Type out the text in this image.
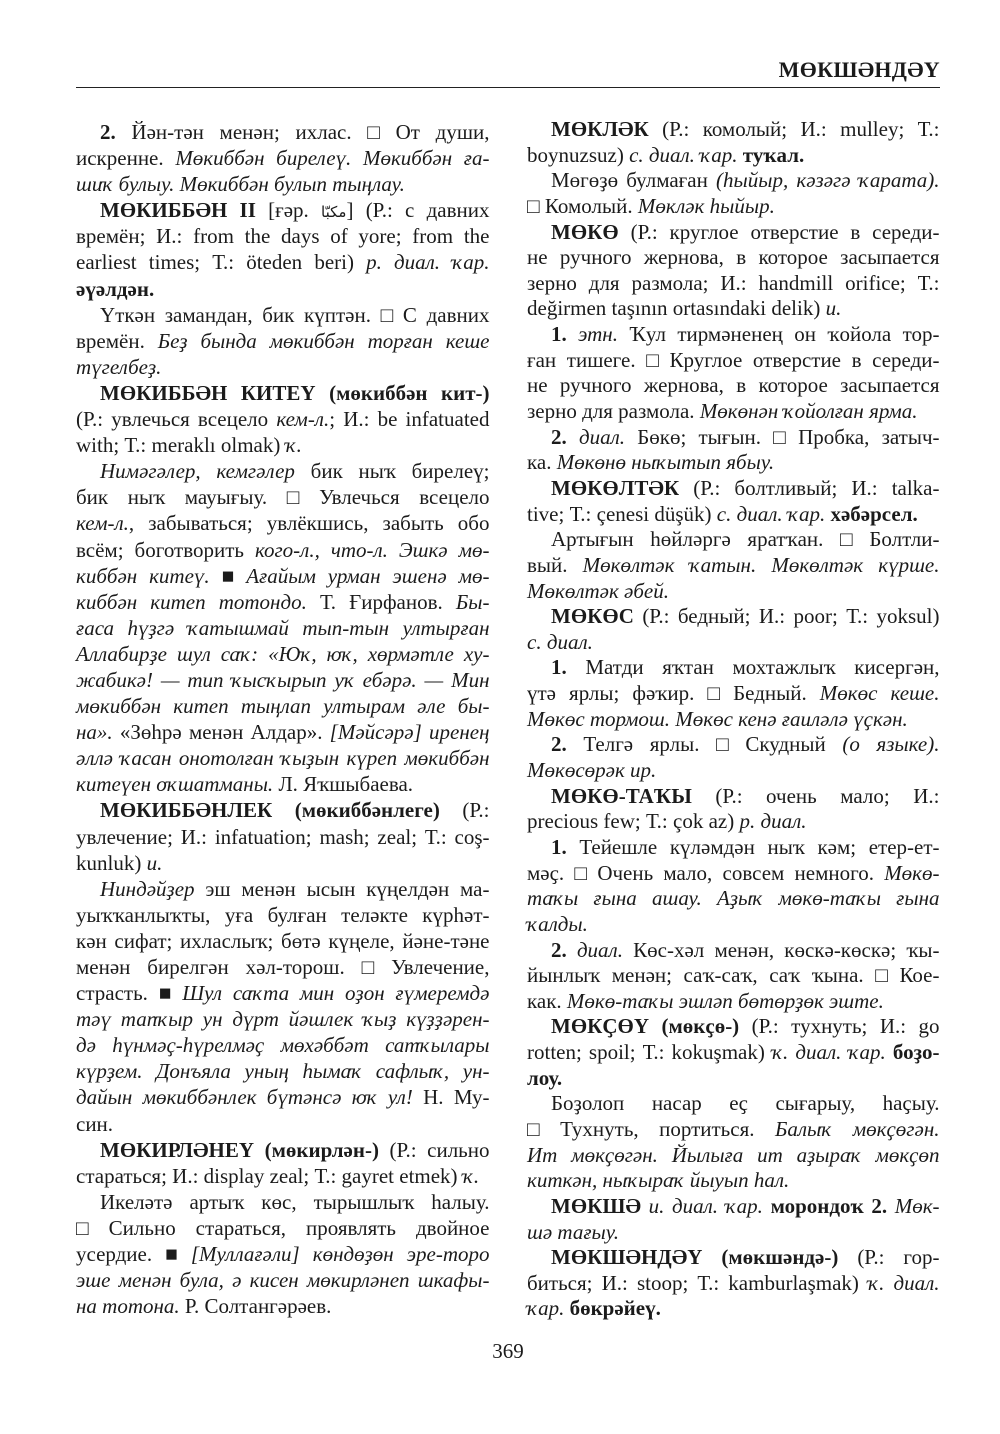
МӨКШӘНДӘҮ
2. Йән-тән менән; ихлас. □ От души,
искренне. Мөкиббән бирелеү. Мөкиббән ға-
шиҡ булыу. Мөкиббән булып тыңлау.
МӨКИББӘН II [ғәр. مكبّا] (Р.: с давних
времён; И.: from the days of yore; from the
earliest times; Т.: öteden beri) р. диал. ҡар.
әүәлдән.
Үткән замандан, бик күптән. □ С давних
времён. Беҙ бында мөкиббән торған кеше
түгелбеҙ.
МӨКИББӘН КИТЕҮ (мөкиббән кит-)
(Р.: увлечься всецело кем-л.; И.: be infatuated
with; Т.: meraklı olmak) ҡ.
Нимәгәлер, кемгәлер бик ныҡ бирелеү;
бик ныҡ мауығыу. □ Увлечься всецело
кем-л., забываться; увлёкшись, забыть обо
всём; боготворить кого-л., что-л. Эшкә мө-
киббән китеү. ■ Ағайым урман эшенә мө-
киббән китеп тотондо. Т. Ғирфанов. Бы-
ғаса һүҙгә ҡатышмай тып-тын ултырған
Аллабирҙе шул саҡ: «Юҡ, юҡ, хөрмәтле ху-
жабикә! — тип ҡысҡырып уҡ ебәрә. — Мин
мөкиббән китеп тыңлап ултырам әле бы-
на». «Зөһрә менән Алдар». [Мәйсәрә] иренең
әллә ҡасан онотолған ҡыҙын күреп мөкиббән
китеүен оҡшатманы. Л. Яҡшыбаева.
МӨКИББӘНЛЕК (мөкиббәнлеге) (Р.:
увлечение; И.: infatuation; mash; zeal; Т.: coş-
kunluk) и.
Ниндәйҙер эш менән ысын күңелдән ма-
уыҡҡанлыҡты, уға булған теләкте күрһәт-
кән сифат; ихласлыҡ; бөтә күңеле, йәне-тәне
менән бирелгән хәл-торош. □ Увлечение,
страсть. ■ Шул саҡта мин оҙон ғүмеремдә
тәү тапҡыр ун дүрт йәшлек ҡыҙ күҙҙәрен-
дә һүнмәҫ-һүрелмәҫ мөхәббәт сатҡылары
күрҙем. Донъяла уның һымаҡ сафлыҡ, ун-
дайын мөкиббәнлек бүтәнсә юҡ ул! Н. Му-
син.
МӨКИРЛӘНЕҮ (мөкирлән-) (Р.: сильно
стараться; И.: display zeal; Т.: gayret etmek) ҡ.
Икеләтә артыҡ көс, тырышлыҡ һалыу.
□ Сильно стараться, проявлять двойное
усердие. ■ [Муллағәли] көндөҙөн эре-торо
эше менән була, ә кисен мөкирләнеп шкафы-
на тотона. Р. Солтангәрәев.
МӨКЛӘК (Р.: комолый; И.: mulley; Т.:
boynuzsuz) с. диал. ҡар. туҡал.
Мөгөҙө булмаған (һыйыр, кәзәгә ҡарата).
□ Комолый. Мөкләк һыйыр.
МӨКӨ (Р.: круглое отверстие в середи-
не ручного жернова, в которое засыпается
зерно для размола; И.: handmill orifice; Т.:
değirmen taşının ortasındaki delik) и.
1. этн. Ҡул тирмәненең он ҡойола тор-
ған тишеге. □ Круглое отверстие в середи-
не ручного жернова, в которое засыпается
зерно для размола. Мөкөнән ҡойолған ярма.
2. диал. Бөкө; тығын. □ Пробка, затыч-
ка. Мөкөнө ныҡытып ябыу.
МӨКӨЛТӘК (Р.: болтливый; И.: talka-
tive; Т.: çenesi düşük) с. диал. ҡар. хәбәрсел.
Артығын һөйләргә яратҡан. □ Болтли-
вый. Мөкөлтәк ҡатын. Мөкөлтәк күрше.
Мөкөлтәк әбей.
МӨКӨС (Р.: бедный; И.: poor; Т.: yoksul)
с. диал.
1. Матди яҡтан мохтажлыҡ кисергән,
үтә ярлы; фәҡир. □ Бедный. Мөкөс кеше.
Мөкөс тормош. Мөкөс кенә ғаиләлә үҫкән.
2. Телгә ярлы. □ Скудный (о языке).
Мөкөсөрәк ир.
МӨКӨ-ТАҠЫ (Р.: очень мало; И.:
precious few; Т.: çok az) р. диал.
1. Тейешле күләмдән ныҡ кәм; етер-ет-
мәҫ. □ Очень мало, совсем немного. Мөкө-
таҡы ғына ашау. Аҙыҡ мөкө-таҡы ғына
ҡалды.
2. диал. Көс-хәл менән, көскә-көскә; ҡы-
йынлыҡ менән; саҡ-саҡ, саҡ ҡына. □ Кое-
как. Мөкө-таҡы эшләп бөтөрҙөк эште.
МӨКҪӨҮ (мөкҫө-) (Р.: тухнуть; И.: go
rotten; spoil; Т.: kokuşmak) ҡ. диал. ҡар. боҙо-
лоу.
Боҙолоп насар еҫ сығарыу, һаҫыу.
□ Тухнуть, портиться. Балыҡ мөкҫөгән.
Ит мөкҫөгән. Йылыға ит аҙыраҡ мөкҫөп
киткән, ныҡыраҡ йыуып һал.
МӨКШӘ и. диал. ҡар. морондоҡ 2. Мөк-
шә тағыу.
МӨКШӘНДӘҮ (мөкшәндә-) (Р.: гор-
биться; И.: stoop; Т.: kamburlaşmak) ҡ. диал.
ҡар. бөкрәйеү.
369
